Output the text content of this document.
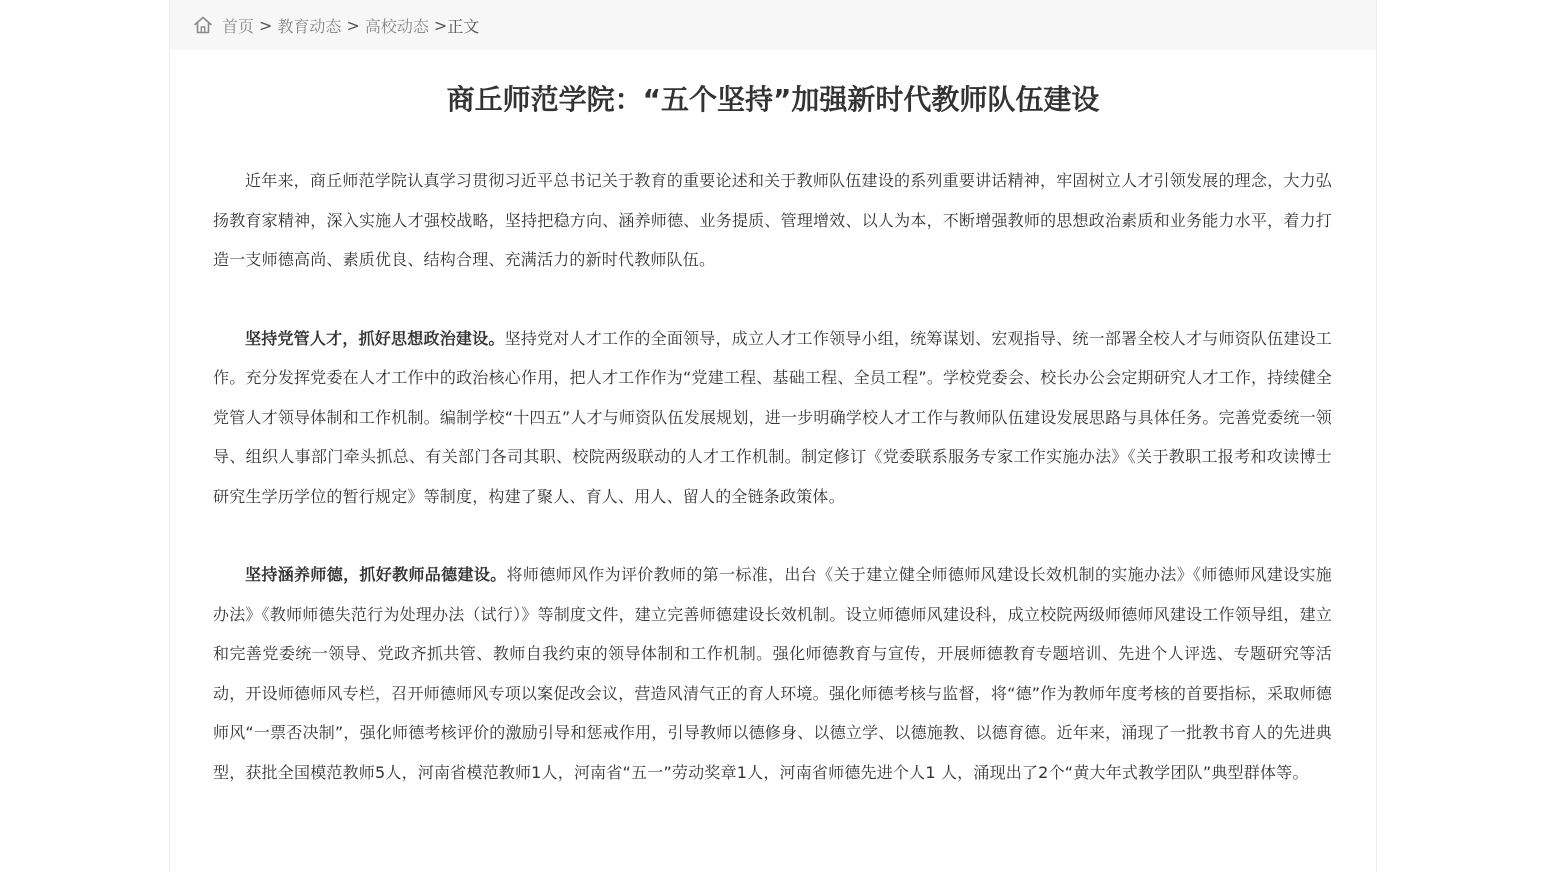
首页 > 教育动态 > 高校动态 > 正文
商丘师范学院：“五个坚持”加强新时代教师队伍建设

近年来，商丘师范学院认真学习贯彻习近平总书记关于教育的重要论述和关于教师队伍建设的系列重要讲话精神，牢固树立人才引领发展的理念，大力弘扬教育家精神，深入实施人才强校战略，坚持把稳方向、涵养师德、业务提质、管理增效、以人为本，不断增强教师的思想政治素质和业务能力水平，着力打造一支师德高尚、素质优良、结构合理、充满活力的新时代教师队伍。

坚持党管人才，抓好思想政治建设。坚持党对人才工作的全面领导，成立人才工作领导小组，统筹谋划、宏观指导、统一部署全校人才与师资队伍建设工作。充分发挥党委在人才工作中的政治核心作用，把人才工作作为“党建工程、基础工程、全员工程”。学校党委会、校长办公会定期研究人才工作，持续健全党管人才领导体制和工作机制。编制学校“十四五”人才与师资队伍发展规划，进一步明确学校人才工作与教师队伍建设发展思路与具体任务。完善党委统一领导、组织人事部门牵头抓总、有关部门各司其职、校院两级联动的人才工作机制。制定修订《党委联系服务专家工作实施办法》《关于教职工报考和攻读博士研究生学历学位的暂行规定》等制度，构建了聚人、育人、用人、留人的全链条政策体。

坚持涵养师德，抓好教师品德建设。将师德师风作为评价教师的第一标准，出台《关于建立健全师德师风建设长效机制的实施办法》《师德师风建设实施办法》《教师师德失范行为处理办法（试行）》等制度文件，建立完善师德建设长效机制。设立师德师风建设科，成立校院两级师德师风建设工作领导组，建立和完善党委统一领导、党政齐抓共管、教师自我约束的领导体制和工作机制。强化师德教育与宣传，开展师德教育专题培训、先进个人评选、专题研究等活动，开设师德师风专栏，召开师德师风专项以案促改会议，营造风清气正的育人环境。强化师德考核与监督，将“德”作为教师年度考核的首要指标，采取师德师风“一票否决制”，强化师德考核评价的激励引导和惩戒作用，引导教师以德修身、以德立学、以德施教、以德育德。近年来，涌现了一批教书育人的先进典型，获批全国模范教师5人，河南省模范教师1人，河南省“五一”劳动奖章1人，河南省师德先进个人1 人，涌现出了2个“黄大年式教学团队”典型群体等。
